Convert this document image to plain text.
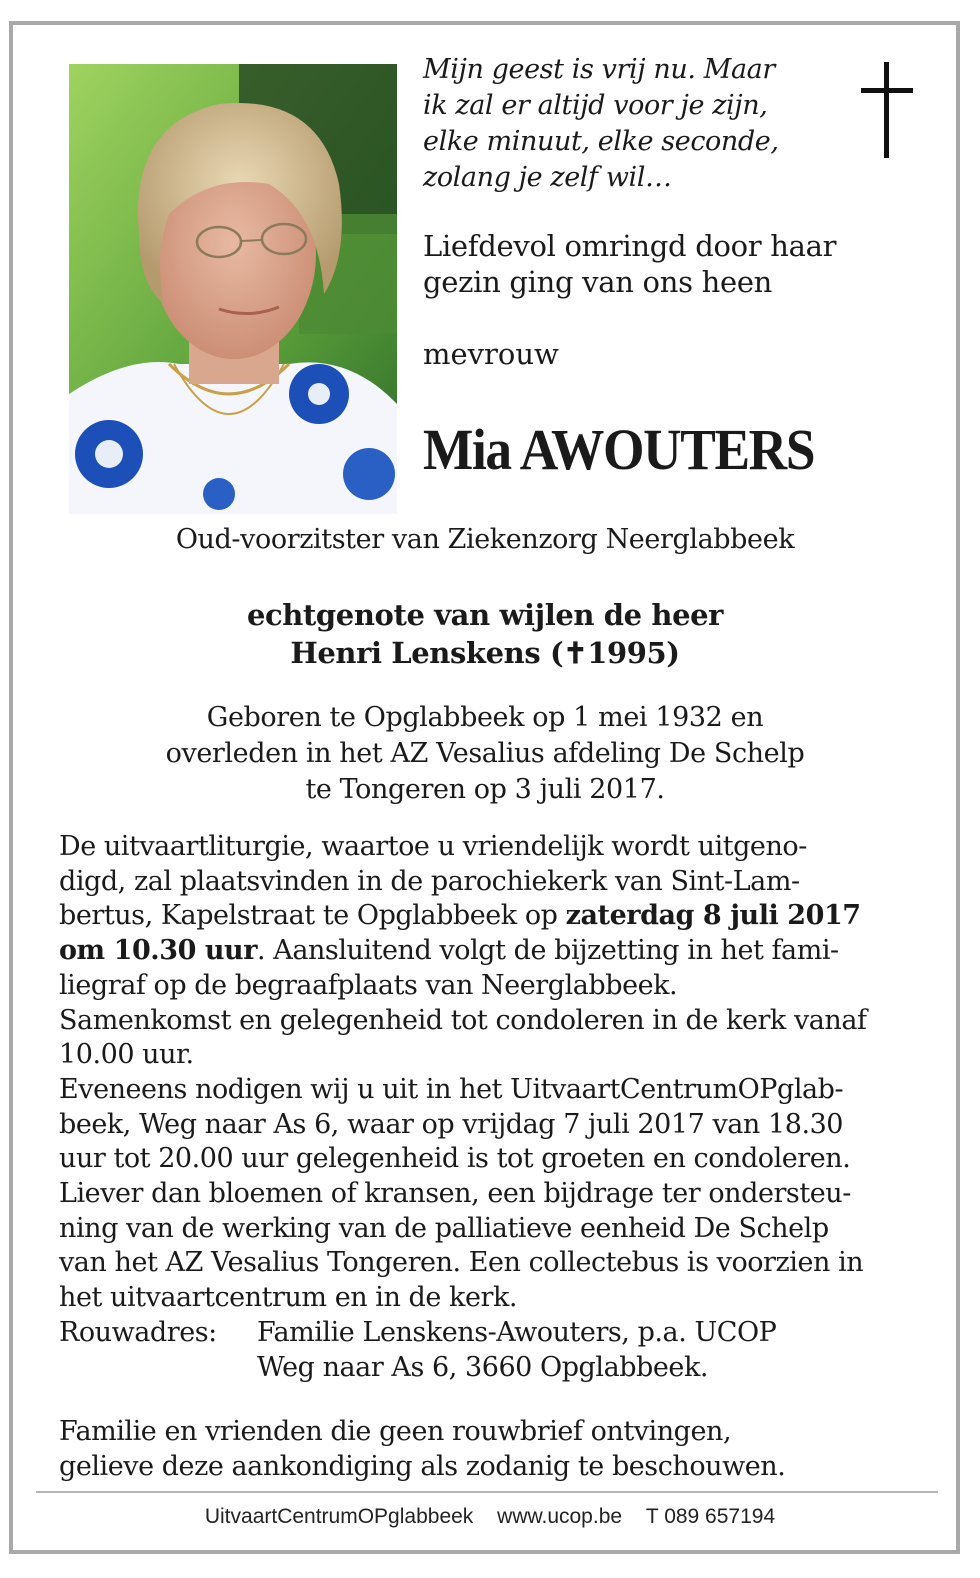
Mijn geest is vrij nu. Maar
ik zal er altijd voor je zijn,
elke minuut, elke seconde,
zolang je zelf wil…
Liefdevol omringd door haar
gezin ging van ons heen
mevrouw
Mia AWOUTERS
Oud-voorzitster van Ziekenzorg Neerglabbeek
echtgenote van wijlen de heer
Henri Lenskens (✝1995)
Geboren te Opglabbeek op 1 mei 1932 en
overleden in het AZ Vesalius afdeling De Schelp
te Tongeren op 3 juli 2017.
De uitvaartliturgie, waartoe u vriendelijk wordt uitgeno-
digd, zal plaatsvinden in de parochiekerk van Sint-Lam-
bertus, Kapelstraat te Opglabbeek op zaterdag 8 juli 2017
om 10.30 uur. Aansluitend volgt de bijzetting in het fami-
liegraf op de begraafplaats van Neerglabbeek.
Samenkomst en gelegenheid tot condoleren in de kerk vanaf
10.00 uur.
Eveneens nodigen wij u uit in het UitvaartCentrumOPglab-
beek, Weg naar As 6, waar op vrijdag 7 juli 2017 van 18.30
uur tot 20.00 uur gelegenheid is tot groeten en condoleren.
Liever dan bloemen of kransen, een bijdrage ter ondersteu-
ning van de werking van de palliatieve eenheid De Schelp
van het AZ Vesalius Tongeren. Een collectebus is voorzien in
het uitvaartcentrum en in de kerk.
Rouwadres:	Familie Lenskens-Awouters, p.a. UCOP
Weg naar As 6, 3660 Opglabbeek.
Familie en vrienden die geen rouwbrief ontvingen,
gelieve deze aankondiging als zodanig te beschouwen.
UitvaartCentrumOPglabbeek www.ucop.be T 089 657194
